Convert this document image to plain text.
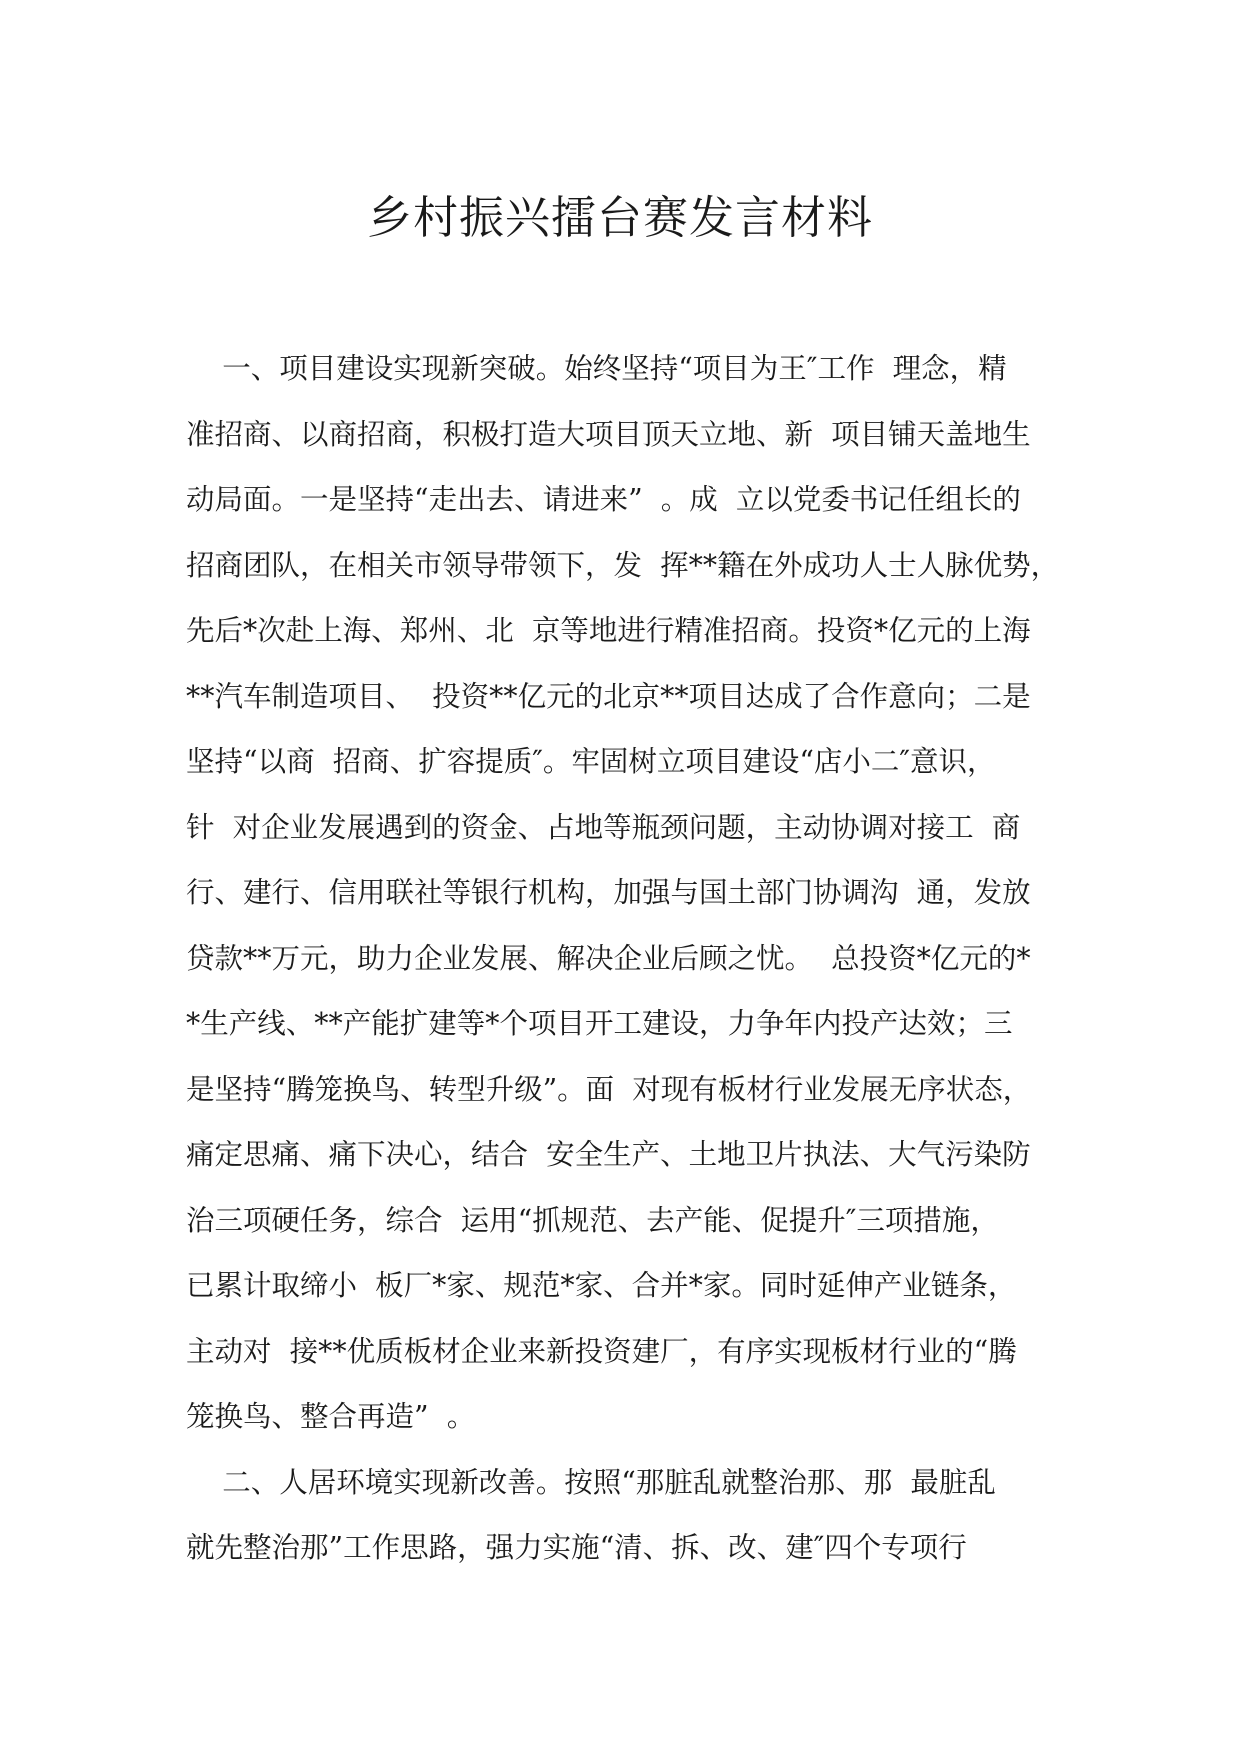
乡村振兴擂台赛发言材料
一、项目建设实现新突破。始终坚持“项目为王″工作  理念，精
准招商、以商招商，积极打造大项目顶天立地、新  项目铺天盖地生
动局面。一是坚持“走出去、请进来”  。成  立以党委书记任组长的
招商团队，在相关市领导带领下，发  挥**籍在外成功人士人脉优势，
先后*次赴上海、郑州、北  京等地进行精准招商。投资*亿元的上海
**汽车制造项目、  投资**亿元的北京**项目达成了合作意向；二是
坚持“以商  招商、扩容提质″。牢固树立项目建设“店小二″意识，
针  对企业发展遇到的资金、占地等瓶颈问题，主动协调对接工  商
行、建行、信用联社等银行机构，加强与国土部门协调沟  通，发放
贷款**万元，助力企业发展、解决企业后顾之忧。  总投资*亿元的*
*生产线、**产能扩建等*个项目开工建设，力争年内投产达效；三
是坚持“腾笼换鸟、转型升级”。面  对现有板材行业发展无序状态，
痛定思痛、痛下决心，结合  安全生产、土地卫片执法、大气污染防
治三项硬任务，综合  运用“抓规范、去产能、促提升″三项措施，
已累计取缔小  板厂*家、规范*家、合并*家。同时延伸产业链条，
主动对  接**优质板材企业来新投资建厂，有序实现板材行业的“腾
笼换鸟、整合再造”  。
二、人居环境实现新改善。按照“那脏乱就整治那、那  最脏乱
就先整治那”工作思路，强力实施“清、拆、改、建″四个专项行
